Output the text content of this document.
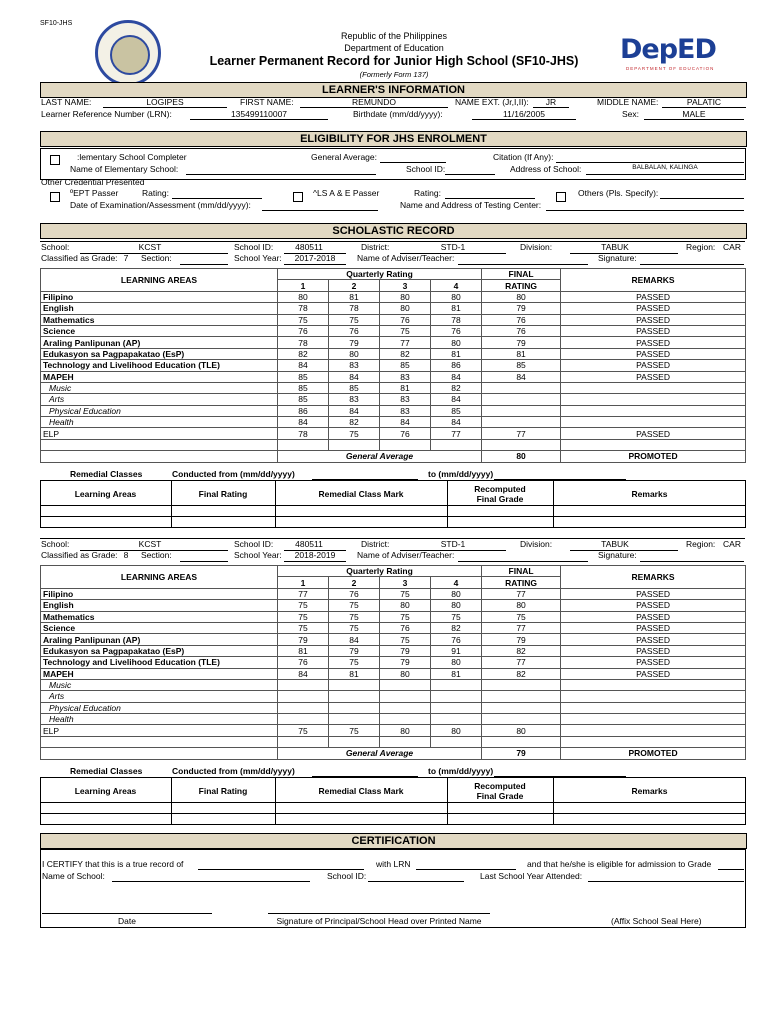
SF10-JHS
Republic of the Philippines
Department of Education
Learner Permanent Record for Junior High School (SF10-JHS)
(Formerly Form 137)
DepED
DEPARTMENT OF EDUCATION
LEARNER'S INFORMATION
LAST NAME:	LOGIPES	FIRST NAME:	REMUNDO	NAME EXT. (Jr,I,II):	JR	MIDDLE NAME:	PALATIC
Learner Reference Number (LRN):	135499110007	Birthdate (mm/dd/yyyy):	11/16/2005	Sex:	MALE
ELIGIBILITY FOR JHS ENROLMENT
:lementary School Completer	General Average:	Citation (If Any):
Name of Elementary School:	School ID:	Address of School:	BALBALAN, KALINGA
Other Credential Presented
ºEPT Passer	Rating:	^LS A & E Passer	Rating:	Others (Pls. Specify):
Date of Examination/Assessment (mm/dd/yyyy):	Name and Address of Testing Center:
SCHOLASTIC RECORD
School:	KCST	School ID:	480511	District:	STD-1	Division:	TABUK	Region: CAR
Classified as Grade: 7	Section:	School Year:	2017-2018	Name of Adviser/Teacher:	Signature:
LEARNING AREAS	Quarterly Rating				FINAL	REMARKS
	1	2	3	4	RATING	
Filipino	80	81	80	80	80	PASSED
English	78	78	80	81	79	PASSED
Mathematics	75	75	76	78	76	PASSED
Science	76	76	75	76	76	PASSED
Araling Panlipunan (AP)	78	79	77	80	79	PASSED
Edukasyon sa Pagpapakatao (EsP)	82	80	82	81	81	PASSED
Technology and Livelihood Education (TLE)	84	83	85	86	85	PASSED
MAPEH	85	84	83	84	84	PASSED
Music	85	85	81	82		
Arts	85	83	83	84		
Physical Education	86	84	83	85		
Health	84	82	84	84		
ELP	78	75	76	77	77	PASSED

	General Average				80	PROMOTED
Remedial Classes	Conducted from (mm/dd/yyyy)	to (mm/dd/yyyy)
Learning Areas	Final Rating	Remedial Class Mark	Recomputed
Final Grade	Remarks
School:	KCST	School ID:	480511	District:	STD-1	Division:	TABUK	Region: CAR
Classified as Grade: 8	Section:	School Year:	2018-2019	Name of Adviser/Teacher:	Signature:
LEARNING AREAS	Quarterly Rating				FINAL	REMARKS
	1	2	3	4	RATING	
Filipino	77	76	75	80	77	PASSED
English	75	75	80	80	80	PASSED
Mathematics	75	75	75	75	75	PASSED
Science	75	75	76	82	77	PASSED
Araling Panlipunan (AP)	79	84	75	76	79	PASSED
Edukasyon sa Pagpapakatao (EsP)	81	79	79	91	82	PASSED
Technology and Livelihood Education (TLE)	76	75	79	80	77	PASSED
MAPEH	84	81	80	81	82	PASSED
Music						
Arts						
Physical Education						
Health						
ELP	75	75	80	80	80	

	General Average				79	PROMOTED
Remedial Classes	Conducted from (mm/dd/yyyy)	to (mm/dd/yyyy)
Learning Areas	Final Rating	Remedial Class Mark	Recomputed
Final Grade	Remarks
CERTIFICATION
I CERTIFY that this is a true record of	with LRN	and that he/she is eligible for admission to Grade
Name of School:	School ID:	Last School Year Attended:
Date	Signature of Principal/School Head over Printed Name	(Affix School Seal Here)
